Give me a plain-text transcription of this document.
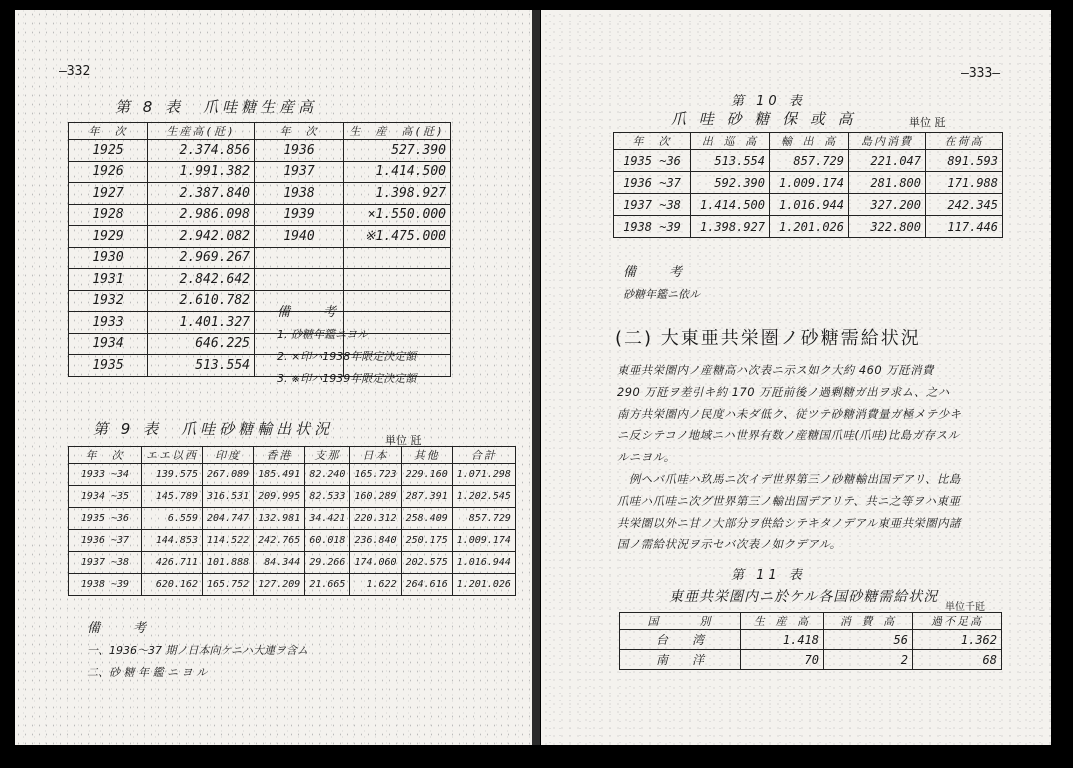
—332
第 8 表　爪哇糖生産高
年　次	生産高(瓩)	年　次	生　産　高(瓩)
1925	2.374.856	1936	527.390
1926	1.991.382	1937	1.414.500
1927	2.387.840	1938	1.398.927
1928	2.986.098	1939	×1.550.000
1929	2.942.082	1940	※1.475.000
1930	2.969.267		
1931	2.842.642		
1932	2.610.782		
1933	1.401.327		
1934	646.225		
1935	513.554		
備　考
1. 砂糖年鑑ニヨル
2. ×印ハ1938年限定決定額
3. ※印ハ1939年限定決定額
第 9 表　爪哇砂糖輸出状況
単位 瓩
年　次	エエ以西	印度	香港	支那	日本	其他	合計
1933 ~34	139.575	267.089	185.491	82.240	165.723	229.160	1.071.298
1934 ~35	145.789	316.531	209.995	82.533	160.289	287.391	1.202.545
1935 ~36	6.559	204.747	132.981	34.421	220.312	258.409	857.729
1936 ~37	144.853	114.522	242.765	60.018	236.840	250.175	1.009.174
1937 ~38	426.711	101.888	84.344	29.266	174.060	202.575	1.016.944
1938 ~39	620.162	165.752	127.209	21.665	1.622	264.616	1.201.026
備　考
一、1936～37 期ノ日本向ケニハ大連ヲ含ム
二、砂 糖 年 鑑 ニ ヨ ル
—333—
第 10 表
爪 哇 砂 糖 保 或 高	単位 瓩
年　次	出 巡 高	輸 出 高	島内消費	在荷高
1935 ~36	513.554	857.729	221.047	891.593
1936 ~37	592.390	1.009.174	281.800	171.988
1937 ~38	1.414.500	1.016.944	327.200	242.345
1938 ~39	1.398.927	1.201.026	322.800	117.446
備　考
砂糖年鑑ニ依ル
(二) 大東亜共栄圏ノ砂糖需給状況

東亜共栄圏内ノ産糖高ハ次表ニ示ス如ク大約 460 万瓩消費

290 万瓩ヲ差引キ約 170 万瓩前後ノ過剰糖ガ出ヲ求ム、之ハ

南方共栄圏内ノ民度ハ未ダ低ク、従ツテ砂糖消費量ガ極メテ少キ

ニ反シテコノ地域ニハ世界有数ノ産糖国爪哇(爪哇)比島ガ存スル

ルニヨル。

　例ヘバ爪哇ハ玖馬ニ次イデ世界第三ノ砂糖輸出国デアリ、比島

爪哇ハ爪哇ニ次グ世界第三ノ輸出国デアリテ、共ニ之等ヲハ東亜

共栄圏以外ニ甘ノ大部分ヲ供給シテキタノデアル東亜共栄圏内諸

国ノ需給状況ヲ示セバ次表ノ如クデアル。

第 11 表
東亜共栄圏内ニ於ケル各国砂糖需給状況
単位千瓩
国　　　別	生 産 高	消 費 高	過不足高
台　　湾	1.418	56	1.362
南　　洋	70	2	68
